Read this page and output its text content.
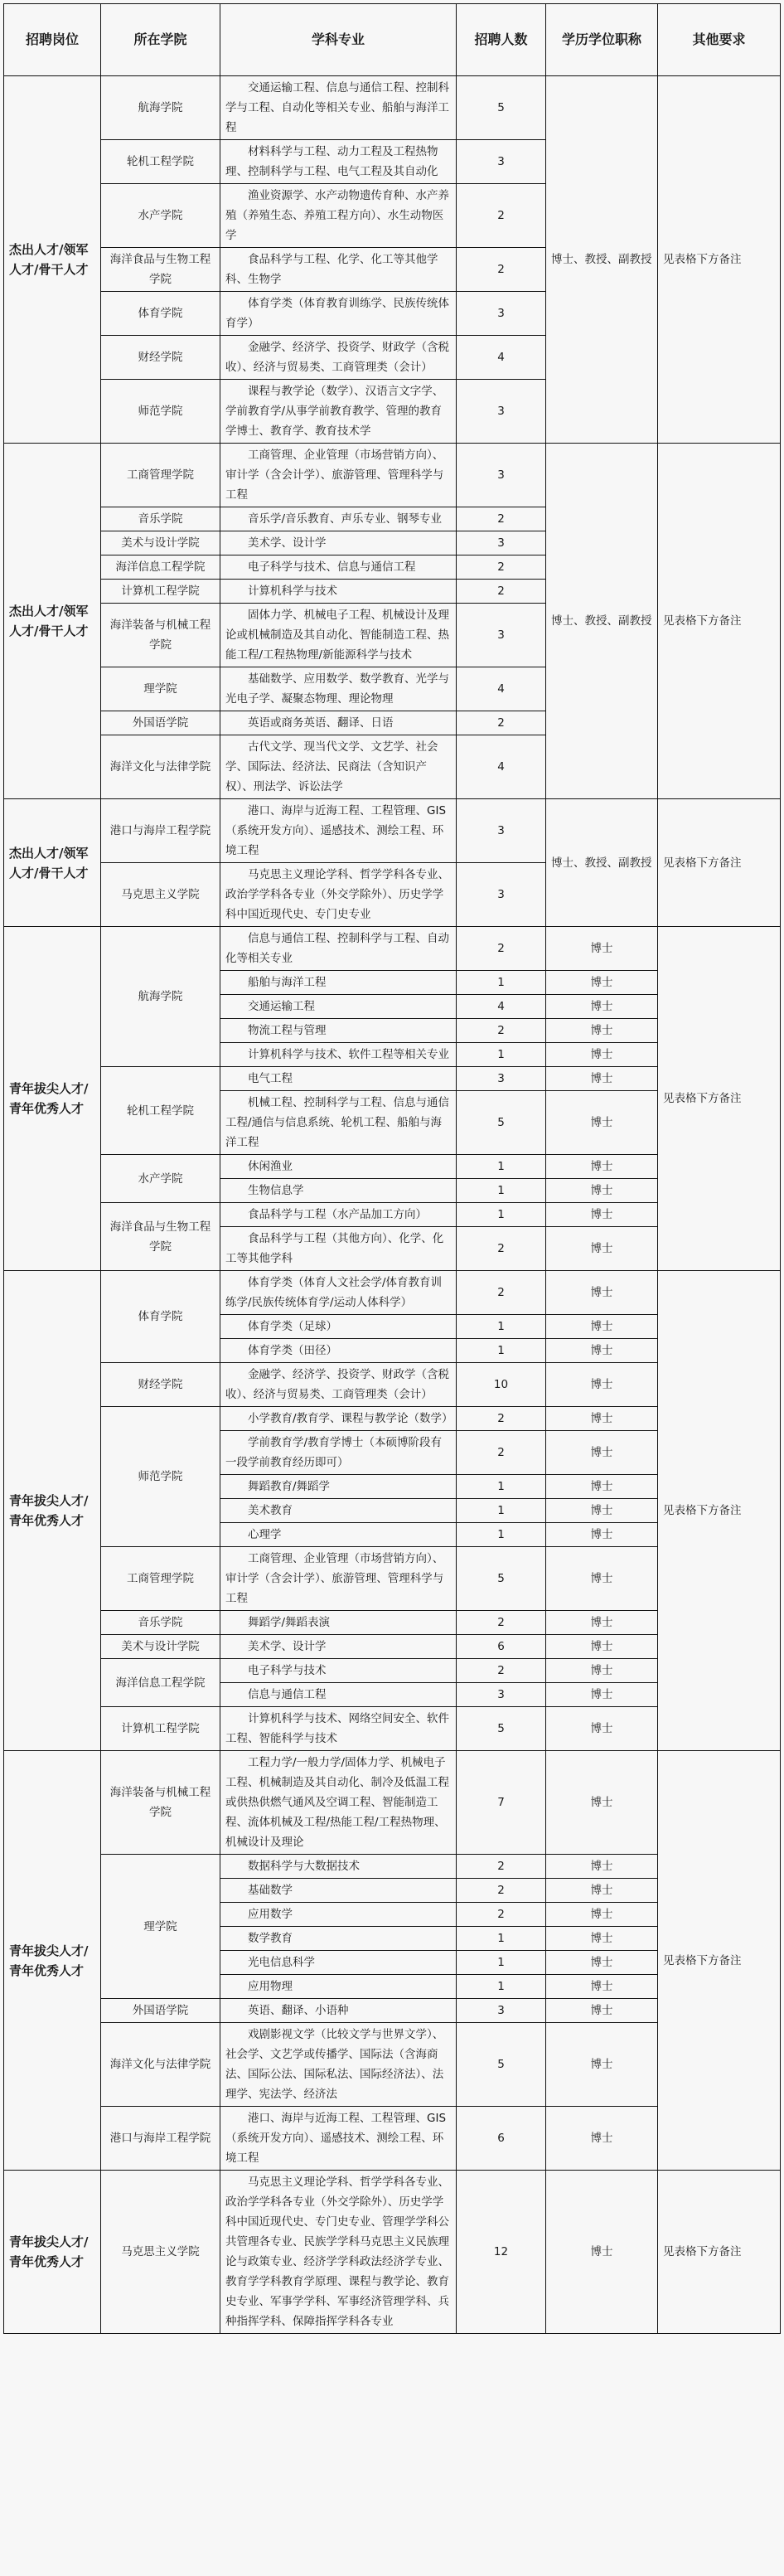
招聘岗位	所在学院	学科专业	招聘人数	学历学位职称	其他要求
杰出人才/领军人才/骨干人才	航海学院	交通运输工程、信息与通信工程、控制科学与工程、自动化等相关专业、船舶与海洋工程	5	博士、教授、副教授	见表格下方备注
	轮机工程学院	材料科学与工程、动力工程及工程热物理、控制科学与工程、电气工程及其自动化	3		
	水产学院	渔业资源学、水产动物遗传育种、水产养殖（养殖生态、养殖工程方向）、水生动物医学	2		
	海洋食品与生物工程学院	食品科学与工程、化学、化工等其他学科、生物学	2		
	体育学院	体育学类（体育教育训练学、民族传统体育学）	3		
	财经学院	金融学、经济学、投资学、财政学（含税收）、经济与贸易类、工商管理类（会计）	4		
	师范学院	课程与教学论（数学）、汉语言文字学、学前教育学/从事学前教育教学、管理的教育学博士、教育学、教育技术学	3		
杰出人才/领军人才/骨干人才	工商管理学院	工商管理、企业管理（市场营销方向）、审计学（含会计学）、旅游管理、管理科学与工程	3	博士、教授、副教授	见表格下方备注
	音乐学院	音乐学/音乐教育、声乐专业、钢琴专业	2		
	美术与设计学院	美术学、设计学	3		
	海洋信息工程学院	电子科学与技术、信息与通信工程	2		
	计算机工程学院	计算机科学与技术	2		
	海洋装备与机械工程学院	固体力学、机械电子工程、机械设计及理论或机械制造及其自动化、智能制造工程、热能工程/工程热物理/新能源科学与技术	3		
	理学院	基础数学、应用数学、数学教育、光学与光电子学、凝聚态物理、理论物理	4		
	外国语学院	英语或商务英语、翻译、日语	2		
	海洋文化与法律学院	古代文学、现当代文学、文艺学、社会学、国际法、经济法、民商法（含知识产权）、刑法学、诉讼法学	4		
杰出人才/领军人才/骨干人才	港口与海岸工程学院	港口、海岸与近海工程、工程管理、GIS（系统开发方向）、遥感技术、测绘工程、环境工程	3	博士、教授、副教授	见表格下方备注
	马克思主义学院	马克思主义理论学科、哲学学科各专业、政治学学科各专业（外交学除外）、历史学学科中国近现代史、专门史专业	3		
青年拔尖人才/青年优秀人才	航海学院	信息与通信工程、控制科学与工程、自动化等相关专业	2	博士	见表格下方备注
		船舶与海洋工程	1	博士	
		交通运输工程	4	博士	
		物流工程与管理	2	博士	
		计算机科学与技术、软件工程等相关专业	1	博士	
	轮机工程学院	电气工程	3	博士	
		机械工程、控制科学与工程、信息与通信工程/通信与信息系统、轮机工程、船舶与海洋工程	5	博士	
	水产学院	休闲渔业	1	博士	
		生物信息学	1	博士	
	海洋食品与生物工程学院	食品科学与工程（水产品加工方向）	1	博士	
		食品科学与工程（其他方向）、化学、化工等其他学科	2	博士	
青年拔尖人才/青年优秀人才	体育学院	体育学类（体育人文社会学/体育教育训练学/民族传统体育学/运动人体科学）	2	博士	见表格下方备注
		体育学类（足球）	1	博士	
		体育学类（田径）	1	博士	
	财经学院	金融学、经济学、投资学、财政学（含税收）、经济与贸易类、工商管理类（会计）	10	博士	
	师范学院	小学教育/教育学、课程与教学论（数学）	2	博士	
		学前教育学/教育学博士（本硕博阶段有一段学前教育经历即可）	2	博士	
		舞蹈教育/舞蹈学	1	博士	
		美术教育	1	博士	
		心理学	1	博士	
	工商管理学院	工商管理、企业管理（市场营销方向）、审计学（含会计学）、旅游管理、管理科学与工程	5	博士	
	音乐学院	舞蹈学/舞蹈表演	2	博士	
	美术与设计学院	美术学、设计学	6	博士	
	海洋信息工程学院	电子科学与技术	2	博士	
		信息与通信工程	3	博士	
	计算机工程学院	计算机科学与技术、网络空间安全、软件工程、智能科学与技术	5	博士	
青年拔尖人才/青年优秀人才	海洋装备与机械工程学院	工程力学/一般力学/固体力学、机械电子工程、机械制造及其自动化、制冷及低温工程或供热供燃气通风及空调工程、智能制造工程、流体机械及工程/热能工程/工程热物理、机械设计及理论	7	博士	见表格下方备注
	理学院	数据科学与大数据技术	2	博士	
		基础数学	2	博士	
		应用数学	2	博士	
		数学教育	1	博士	
		光电信息科学	1	博士	
		应用物理	1	博士	
	外国语学院	英语、翻译、小语种	3	博士	
	海洋文化与法律学院	戏剧影视文学（比较文学与世界文学）、社会学、文艺学或传播学、国际法（含海商法、国际公法、国际私法、国际经济法）、法理学、宪法学、经济法	5	博士	
	港口与海岸工程学院	港口、海岸与近海工程、工程管理、GIS（系统开发方向）、遥感技术、测绘工程、环境工程	6	博士	
青年拔尖人才/青年优秀人才	马克思主义学院	马克思主义理论学科、哲学学科各专业、政治学学科各专业（外交学除外）、历史学学科中国近现代史、专门史专业、管理学学科公共管理各专业、民族学学科马克思主义民族理论与政策专业、经济学学科政法经济学专业、教育学学科教育学原理、课程与教学论、教育史专业、军事学学科、军事经济管理学科、兵种指挥学科、保障指挥学科各专业	12	博士	见表格下方备注
